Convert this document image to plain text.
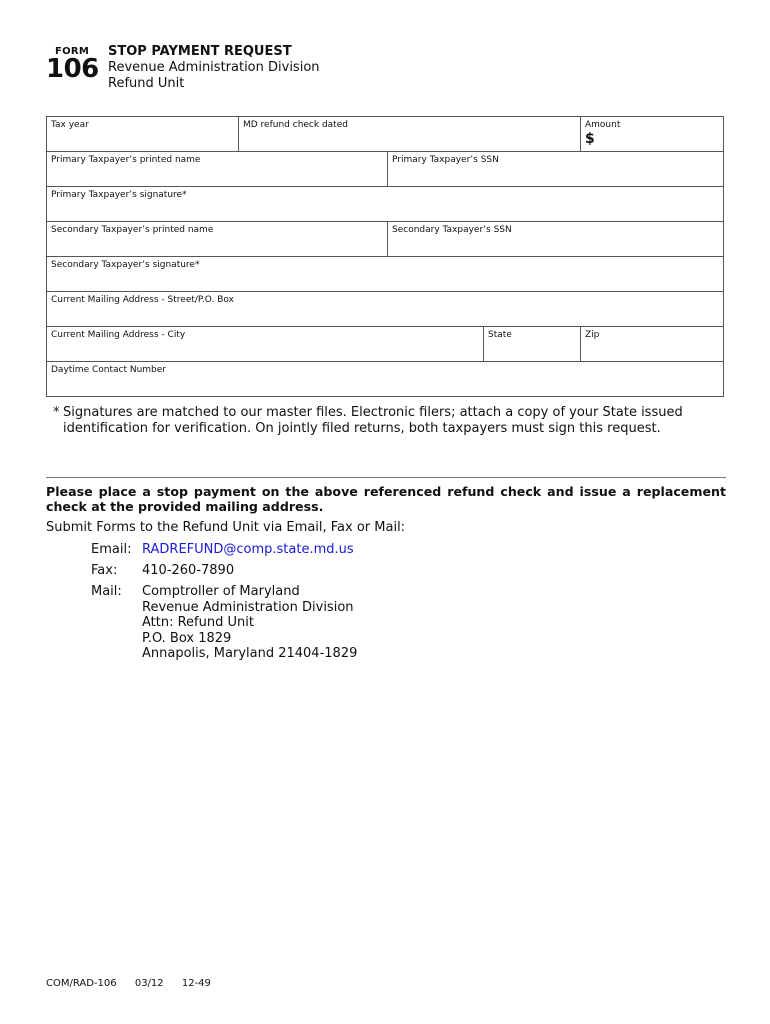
FORM
106
STOP PAYMENT REQUEST
Revenue Administration Division
Refund Unit
Tax year	MD refund check dated	Amount
$
Primary Taxpayer’s printed name	Primary Taxpayer’s SSN
Primary Taxpayer’s signature*
Secondary Taxpayer’s printed name	Secondary Taxpayer’s SSN
Secondary Taxpayer’s signature*
Current Mailing Address - Street/P.O. Box
Current Mailing Address - City	State	Zip
Daytime Contact Number
* Signatures are matched to our master files. Electronic filers; attach a copy of your State issued
identification for verification. On jointly filed returns, both taxpayers must sign this request.
Please place a stop payment on the above referenced refund check and issue a replacement check at the provided mailing address.
Submit Forms to the Refund Unit via Email, Fax or Mail:
Email: RADREFUND@comp.state.md.us
Fax: 410-260-7890
Mail: Comptroller of Maryland
Revenue Administration Division
Attn: Refund Unit
P.O. Box 1829
Annapolis, Maryland 21404-1829
COM/RAD-106 03/12 12-49
